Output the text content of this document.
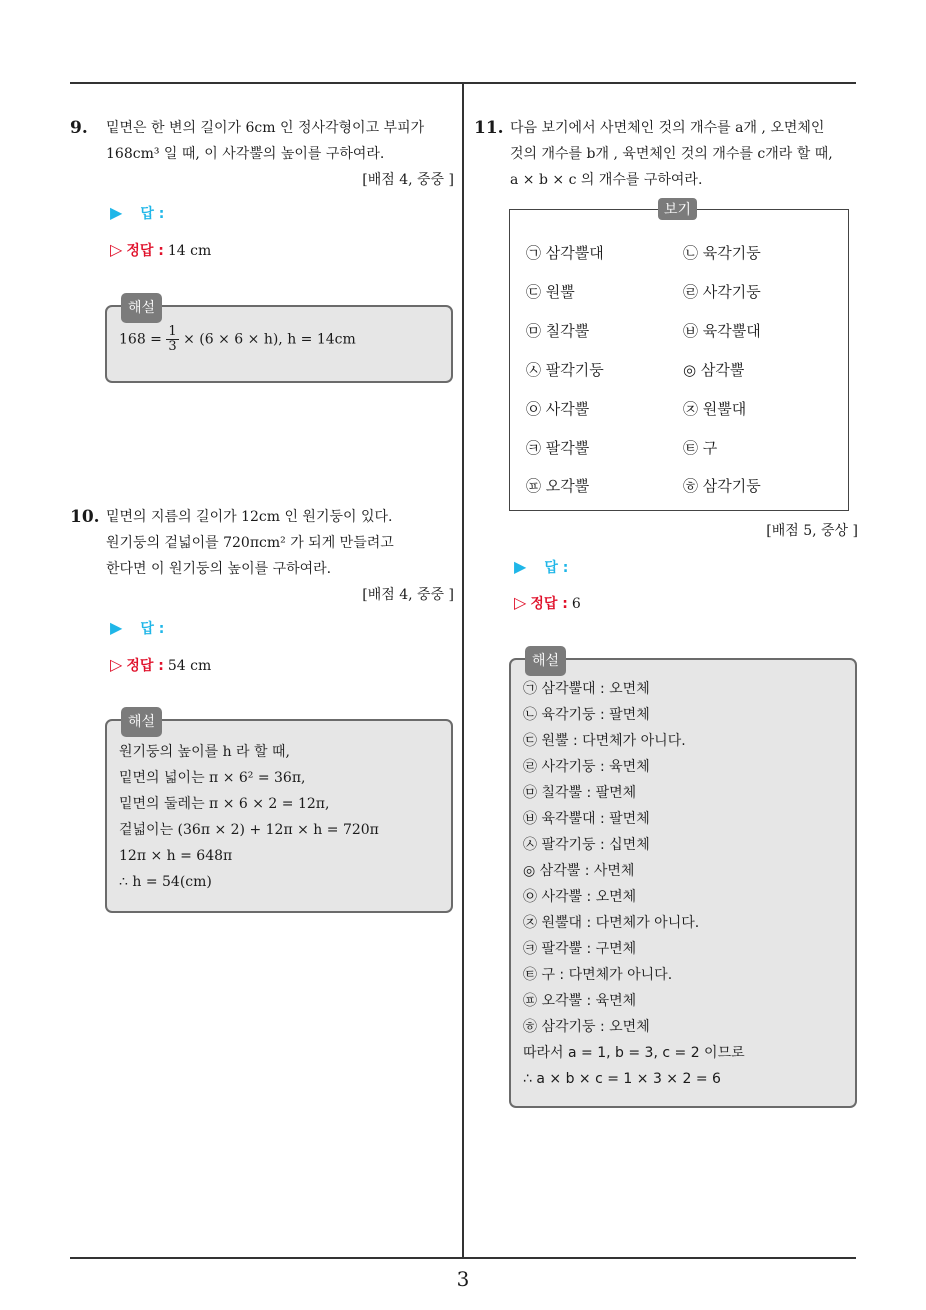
9. 밑면은 한 변의 길이가 6cm 인 정사각형이고 부피가
168cm³ 일 때, 이 사각뿔의 높이를 구하여라.
[배점 4, 중중 ]
▶ 답 :
▷ 정답 : 14 cm
해설
$168 = \frac{1}{3} \times (6 \times 6 \times h)$, h = 14cm
10. 밑면의 지름의 길이가 12cm 인 원기둥이 있다.
원기둥의 겉넓이를 720πcm² 가 되게 만들려고
한다면 이 원기둥의 높이를 구하여라.
[배점 4, 중중 ]
▶ 답 :
▷ 정답 : 54 cm
해설
원기둥의 높이를 h 라 할 때,
밑면의 넓이는 π × 6² = 36π,
밑면의 둘레는 π × 6 × 2 = 12π,
겉넓이는 (36π × 2) + 12π × h = 720π
12π × h = 648π
∴ h = 54(cm)
11. 다음 보기에서 사면체인 것의 개수를 a개 , 오면체인
것의 개수를 b개 , 육면체인 것의 개수를 c개라 할 때,
a × b × c 의 개수를 구하여라.
보기
㉠ 삼각뿔대	㉡ 육각기둥
㉢ 원뿔	㉣ 사각기둥
㉤ 칠각뿔	㉥ 육각뿔대
㉦ 팔각기둥	◎ 삼각뿔
㉧ 사각뿔	㉨ 원뿔대
㉪ 팔각뿔	㉫ 구
㉬ 오각뿔	㉭ 삼각기둥
[배점 5, 중상 ]
▶ 답 :
▷ 정답 : 6
해설
㉠ 삼각뿔대 : 오면체
㉡ 육각기둥 : 팔면체
㉢ 원뿔 : 다면체가 아니다.
㉣ 사각기둥 : 육면체
㉤ 칠각뿔 : 팔면체
㉥ 육각뿔대 : 팔면체
㉦ 팔각기둥 : 십면체
◎ 삼각뿔 : 사면체
㉧ 사각뿔 : 오면체
㉨ 원뿔대 : 다면체가 아니다.
㉪ 팔각뿔 : 구면체
㉫ 구 : 다면체가 아니다.
㉬ 오각뿔 : 육면체
㉭ 삼각기둥 : 오면체
따라서 a = 1, b = 3, c = 2 이므로
∴ a × b × c = 1 × 3 × 2 = 6
3
